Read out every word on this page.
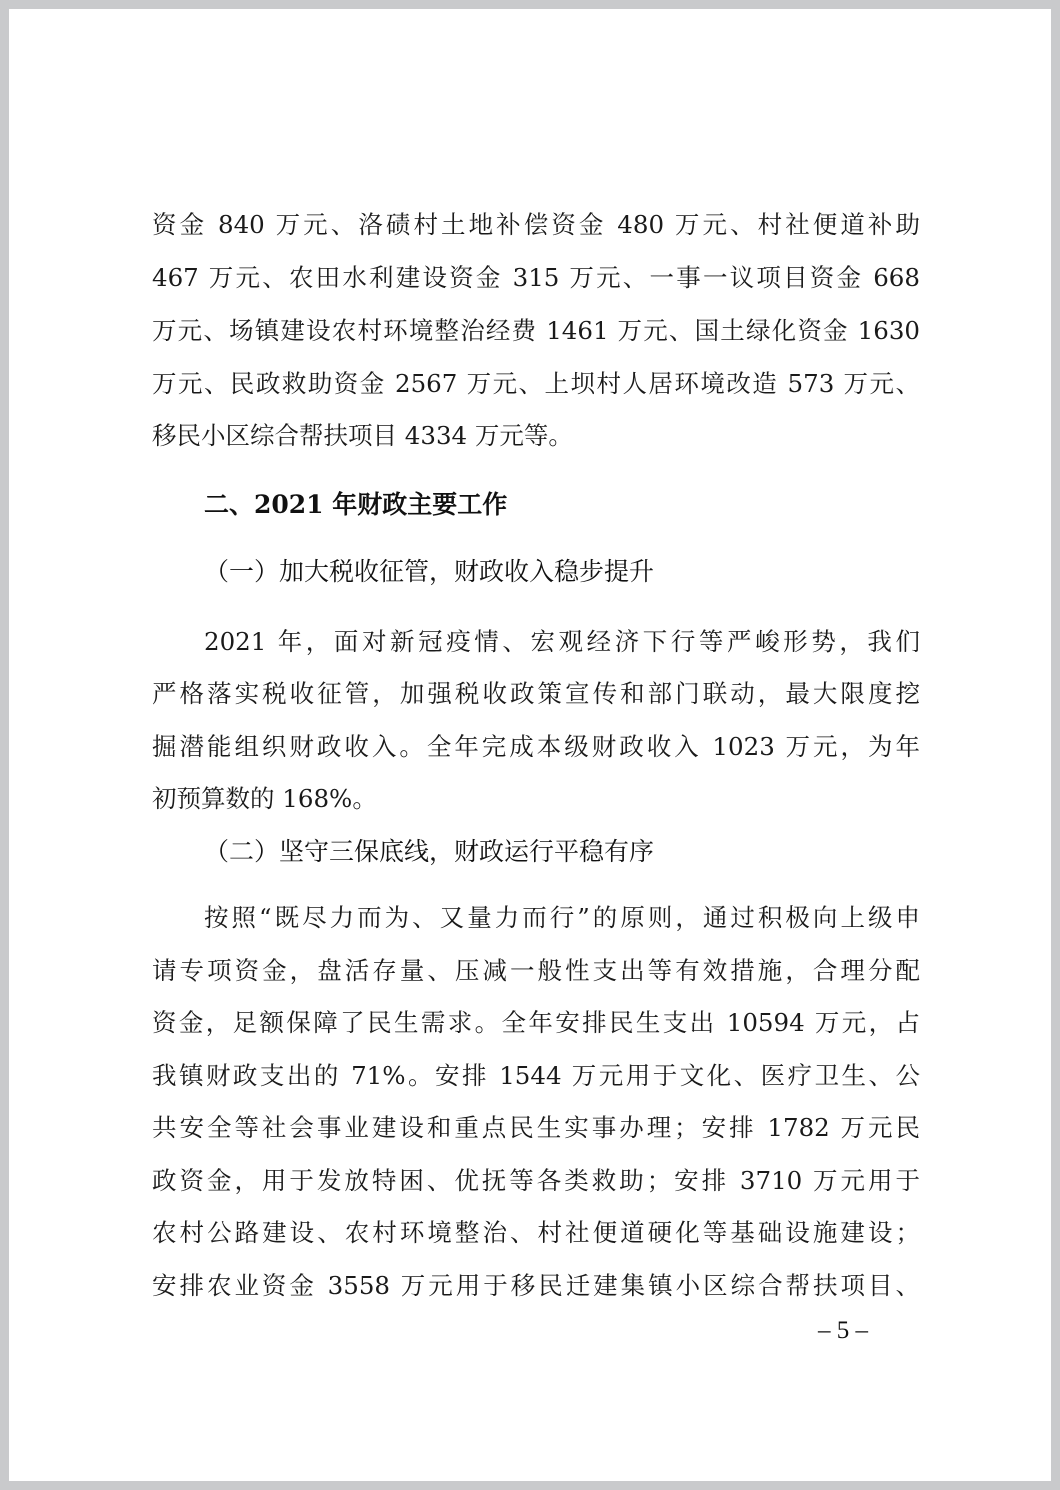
资金 840 万元、洛碛村土地补偿资金 480 万元、村社便道补助
467 万元、农田水利建设资金 315 万元、一事一议项目资金 668
万元、场镇建设农村环境整治经费 1461 万元、国土绿化资金 1630
万元、民政救助资金 2567 万元、上坝村人居环境改造 573 万元、
移民小区综合帮扶项目 4334 万元等。
二、2021 年财政主要工作
（一）加大税收征管，财政收入稳步提升
2021 年，面对新冠疫情、宏观经济下行等严峻形势，我们
严格落实税收征管，加强税收政策宣传和部门联动，最大限度挖
掘潜能组织财政收入。全年完成本级财政收入 1023 万元，为年
初预算数的 168%。
（二）坚守三保底线，财政运行平稳有序
按照“既尽力而为、又量力而行”的原则，通过积极向上级申
请专项资金，盘活存量、压减一般性支出等有效措施，合理分配
资金，足额保障了民生需求。全年安排民生支出 10594 万元，占
我镇财政支出的 71%。安排 1544 万元用于文化、医疗卫生、公
共安全等社会事业建设和重点民生实事办理；安排 1782 万元民
政资金，用于发放特困、优抚等各类救助；安排 3710 万元用于
农村公路建设、农村环境整治、村社便道硬化等基础设施建设；
安排农业资金 3558 万元用于移民迁建集镇小区综合帮扶项目、
– 5 –
